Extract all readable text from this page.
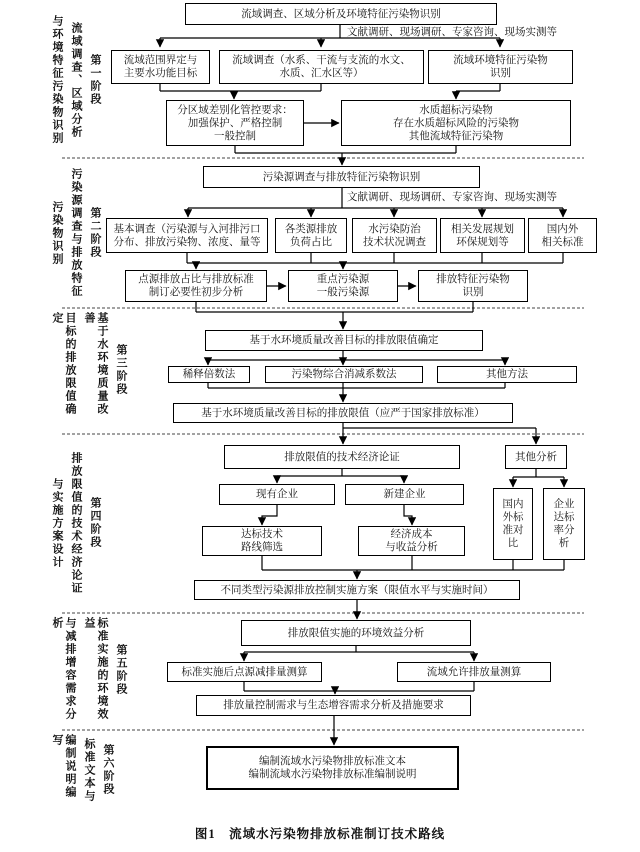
与环境特征污染物识别 流域调查、区域分析 第一阶段
污染物识别 污染源调查与排放特征 第二阶段
目标的排放限值确定	基于水环境质量改善
第三阶段
与实施方案设计 排放限值的技术经济论证 第四阶段
与减排增容需求分析	标准实施的环境效益
第五阶段
编制说明编写	标准文本与 第六阶段
流域调查、区域分析及环境特征污染物识别
文献调研、现场调研、专家咨询、现场实测等
流域范围界定与
主要水功能目标
流域调查（水系、干流与支流的水文、
水质、汇水区等）
流域环境特征污染物
识别
分区域差别化管控要求：
加强保护、严格控制
一般控制
水质超标污染物
存在水质超标风险的污染物
其他流域特征污染物
污染源调查与排放特征污染物识别
文献调研、现场调研、专家咨询、现场实测等
基本调查（污染源与入河排污口
分布、排放污染物、浓度、量等
各类源排放
负荷占比
水污染防治
技术状况调查
相关发展规划
环保规划等
国内外
相关标准
点源排放占比与排放标准
制订必要性初步分析
重点污染源
一般污染源
排放特征污染物
识别
基于水环境质量改善目标的排放限值确定
稀释倍数法	污染物综合消减系数法	其他方法
基于水环境质量改善目标的排放限值（应严于国家排放标准）
排放限值的技术经济论证	其他分析
现有企业	新建企业
国内
外标
准对
比
企业
达标
率分
析
达标技术
路线筛选
经济成本
与收益分析
不同类型污染源排放控制实施方案（限值水平与实施时间）
排放限值实施的环境效益分析
标准实施后点源减排量测算	流域允许排放量测算
排放量控制需求与生态增容需求分析及措施要求
编制流域水污染物排放标准文本
编制流域水污染物排放标准编制说明
图1　流域水污染物排放标准制订技术路线
